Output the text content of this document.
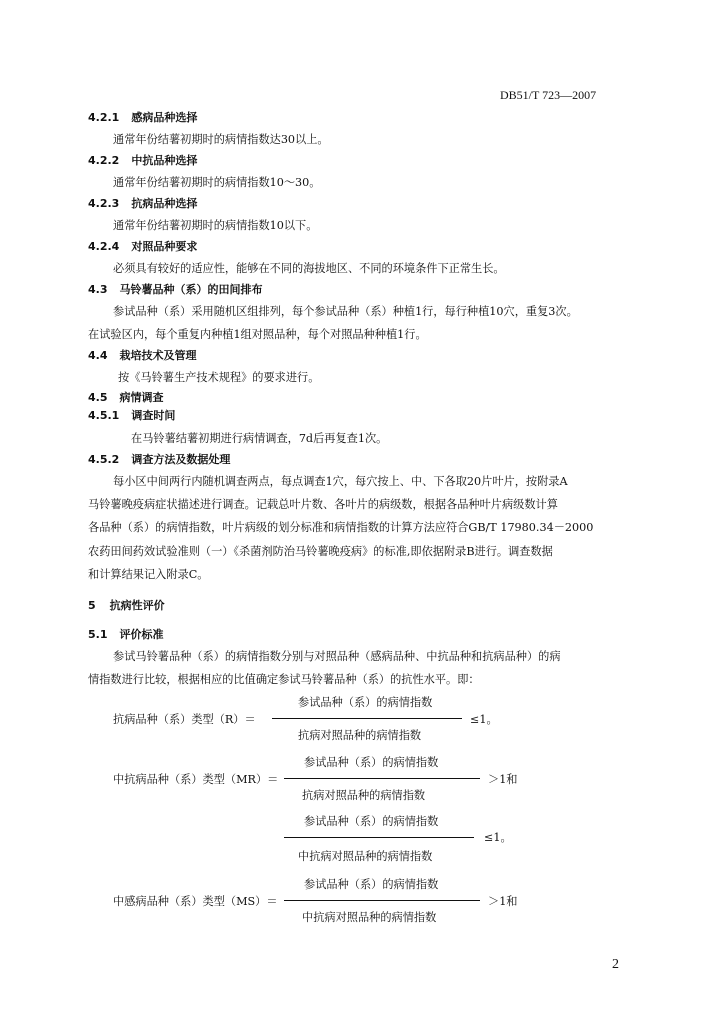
DB51/T 723—2007
4.2.1 感病品种选择
通常年份结薯初期时的病情指数达30以上。
4.2.2 中抗品种选择
通常年份结薯初期时的病情指数10～30。
4.2.3 抗病品种选择
通常年份结薯初期时的病情指数10以下。
4.2.4 对照品种要求
必须具有较好的适应性，能够在不同的海拔地区、不同的环境条件下正常生长。
4.3 马铃薯品种（系）的田间排布
参试品种（系）采用随机区组排列，每个参试品种（系）种植1行，每行种植10穴，重复3次。
在试验区内，每个重复内种植1组对照品种，每个对照品种种植1行。
4.4 栽培技术及管理
按《马铃薯生产技术规程》的要求进行。
4.5 病情调查
4.5.1 调查时间
在马铃薯结薯初期进行病情调查，7d后再复查1次。
4.5.2 调查方法及数据处理
每小区中间两行内随机调查两点，每点调查1穴，每穴按上、中、下各取20片叶片，按附录A
马铃薯晚疫病症状描述进行调查。记载总叶片数、各叶片的病级数，根据各品种叶片病级数计算
各品种（系）的病情指数，叶片病级的划分标准和病情指数的计算方法应符合GB/T 17980.34－2000
农药田间药效试验准则（一）《杀菌剂防治马铃薯晚疫病》的标准,即依据附录B进行。调查数据
和计算结果记入附录C。
5 抗病性评价
5.1 评价标准
参试马铃薯品种（系）的病情指数分别与对照品种（感病品种、中抗品种和抗病品种）的病
情指数进行比较，根据相应的比值确定参试马铃薯品种（系）的抗性水平。即：
参试品种（系）的病情指数
抗病品种（系）类型（R）＝	≤1。
抗病对照品种的病情指数
参试品种（系）的病情指数
中抗病品种（系）类型（MR）＝	＞1和
抗病对照品种的病情指数
参试品种（系）的病情指数
≤1。
中抗病对照品种的病情指数
参试品种（系）的病情指数
中感病品种（系）类型（MS）＝	＞1和
中抗病对照品种的病情指数
2
